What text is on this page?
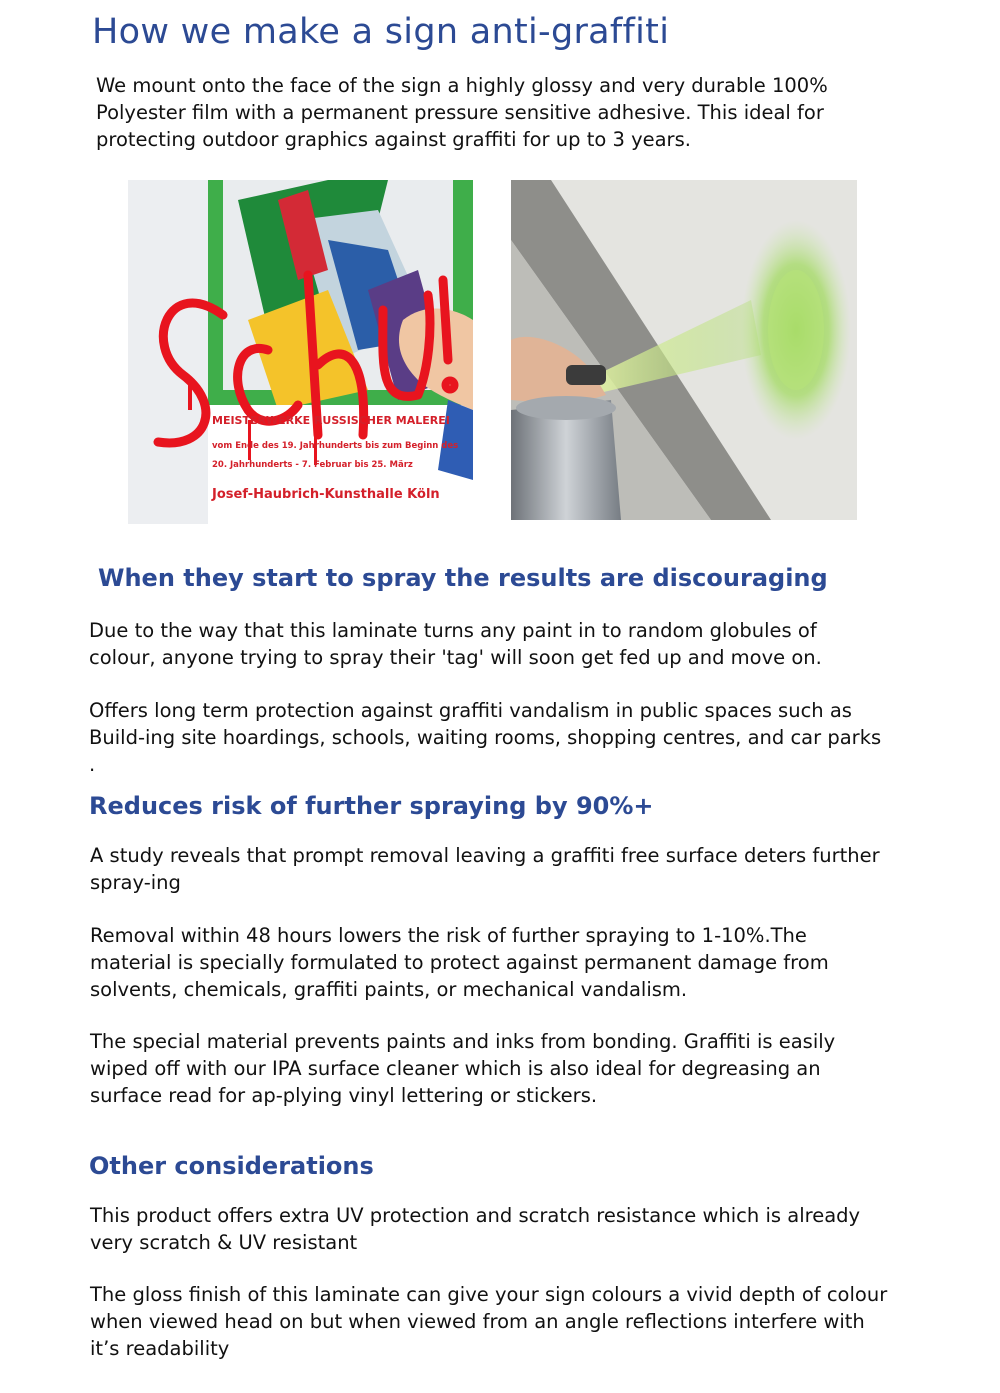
How we make a sign anti-graffiti
We mount onto the face of the sign a highly glossy and very durable 100% Polyester film with a permanent pressure sensitive adhesive. This ideal for protecting outdoor graphics against graffiti for up to 3 years.
MEISTERWERKE RUSSISCHER MALEREI
vom Ende des 19. Jahrhunderts bis zum Beginn des
20. Jahrhunderts - 7. Februar bis 25. März
Josef-Haubrich-Kunsthalle Köln
When they start to spray the results are discouraging
Due to the way that this laminate turns any paint in to random globules of colour, anyone trying to spray their 'tag' will soon get fed up and move on.
Offers long term protection against graffiti vandalism in public spaces such as Build-ing site hoardings, schools, waiting rooms, shopping centres, and car parks .
Reduces risk of further spraying by 90%+
A study reveals that prompt removal leaving a graffiti free surface deters further spray-ing
Removal within 48 hours lowers the risk of further spraying to 1-10%.The material is specially formulated to protect against permanent damage from solvents, chemicals, graffiti paints, or mechanical vandalism.
The special material prevents paints and inks from bonding. Graffiti is easily wiped off with our IPA surface cleaner which is also ideal for degreasing an surface read for ap-plying vinyl lettering or stickers.
Other considerations
This product offers extra UV protection and scratch resistance which is already very scratch & UV resistant
The gloss finish of this laminate can give your sign colours a vivid depth of colour when viewed head on but when viewed from an angle reflections interfere with it’s readability
